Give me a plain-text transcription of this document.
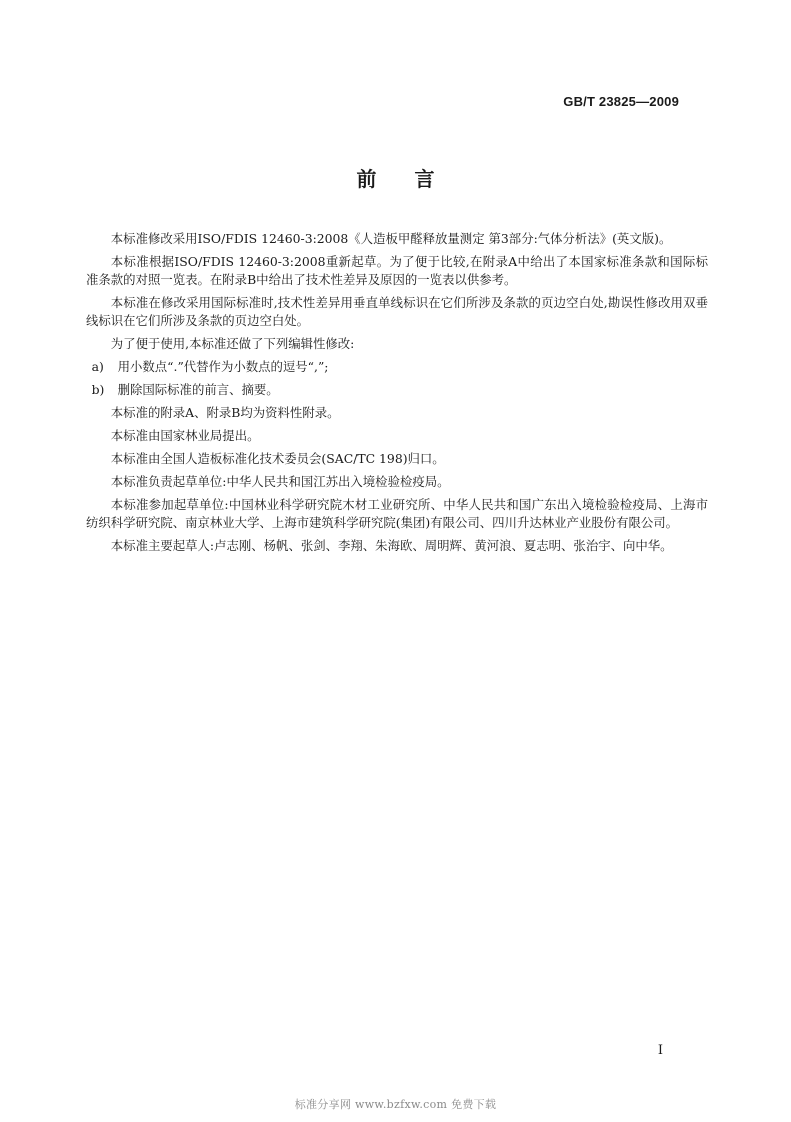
GB/T 23825—2009
前言

本标准修改采用ISO/FDIS 12460-3:2008《人造板甲醛释放量测定 第3部分:气体分析法》(英文版)。

本标准根据ISO/FDIS 12460-3:2008重新起草。为了便于比较,在附录A中给出了本国家标准条款和国际标准条款的对照一览表。在附录B中给出了技术性差异及原因的一览表以供参考。

本标准在修改采用国际标准时,技术性差异用垂直单线标识在它们所涉及条款的页边空白处,勘误性修改用双垂线标识在它们所涉及条款的页边空白处。

为了便于使用,本标准还做了下列编辑性修改:

a) 用小数点“.”代替作为小数点的逗号“,”;

b) 删除国际标准的前言、摘要。

本标准的附录A、附录B均为资料性附录。

本标准由国家林业局提出。

本标准由全国人造板标准化技术委员会(SAC/TC 198)归口。

本标准负责起草单位:中华人民共和国江苏出入境检验检疫局。

本标准参加起草单位:中国林业科学研究院木材工业研究所、中华人民共和国广东出入境检验检疫局、上海市纺织科学研究院、南京林业大学、上海市建筑科学研究院(集团)有限公司、四川升达林业产业股份有限公司。

本标准主要起草人:卢志刚、杨帆、张剑、李翔、朱海欧、周明辉、黄河浪、夏志明、张治宇、向中华。

I
标准分享网 www.bzfxw.com 免费下载
